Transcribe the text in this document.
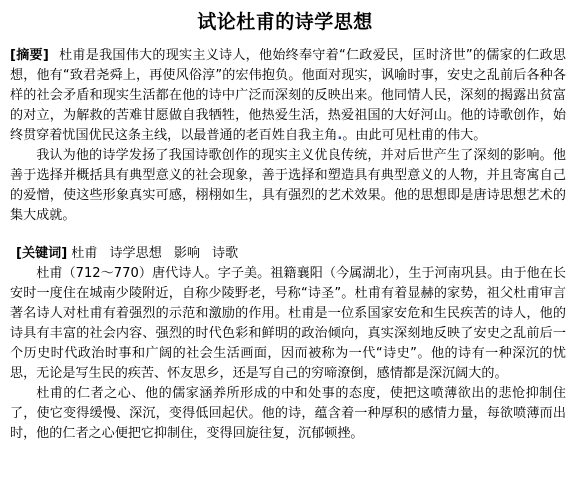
试论杜甫的诗学思想

[摘要] 杜甫是我国伟大的现实主义诗人，他始终奉守着“仁政爱民，匡时济世”的儒家的仁政思想，他有“致君尧舜上，再使风俗淳”的宏伟抱负。他面对现实，讽喻时事，安史之乱前后各种各样的社会矛盾和现实生活都在他的诗中广泛而深刻的反映出来。他同情人民，深刻的揭露出贫富的对立，为解救的苦难甘愿做自我牺牲，他热爱生活，热爱祖国的大好河山。他的诗歌创作，始终贯穿着忧国优民这条主线，以最普通的老百姓自我主角.。由此可见杜甫的伟大。

我认为他的诗学发扬了我国诗歌创作的现实主义优良传统，并对后世产生了深刻的影响。他善于选择并概括具有典型意义的社会现象，善于选择和塑造具有典型意义的人物，并且寄寓自己的爱憎，使这些形象真实可感，栩栩如生，具有强烈的艺术效果。他的思想即是唐诗思想艺术的集大成就。

[关键词] 杜甫 诗学思想 影响 诗歌

杜甫（712～770）唐代诗人。字子美。祖籍襄阳（今属湖北），生于河南巩县。由于他在长安时一度住在城南少陵附近，自称少陵野老，号称“诗圣”。杜甫有着显赫的家势，祖父杜甫审言著名诗人对杜甫有着强烈的示范和激励的作用。杜甫是一位系国家安危和生民疾苦的诗人，他的诗具有丰富的社会内容、强烈的时代色彩和鲜明的政治倾向，真实深刻地反映了安史之乱前后一个历史时代政治时事和广阔的社会生活画面，因而被称为一代“诗史”。他的诗有一种深沉的忧思，无论是写生民的疾苦、怀友思乡，还是写自己的穷啼潦倒，感情都是深沉阔大的。

杜甫的仁者之心、他的儒家涵养所形成的中和处事的态度，使把这喷薄欲出的悲怆抑制住了，使它变得缓慢、深沉，变得低回起伏。他的诗，蕴含着一种厚积的感情力量，每欲喷薄而出时，他的仁者之心便把它抑制住，变得回旋往复，沉郁顿挫。
